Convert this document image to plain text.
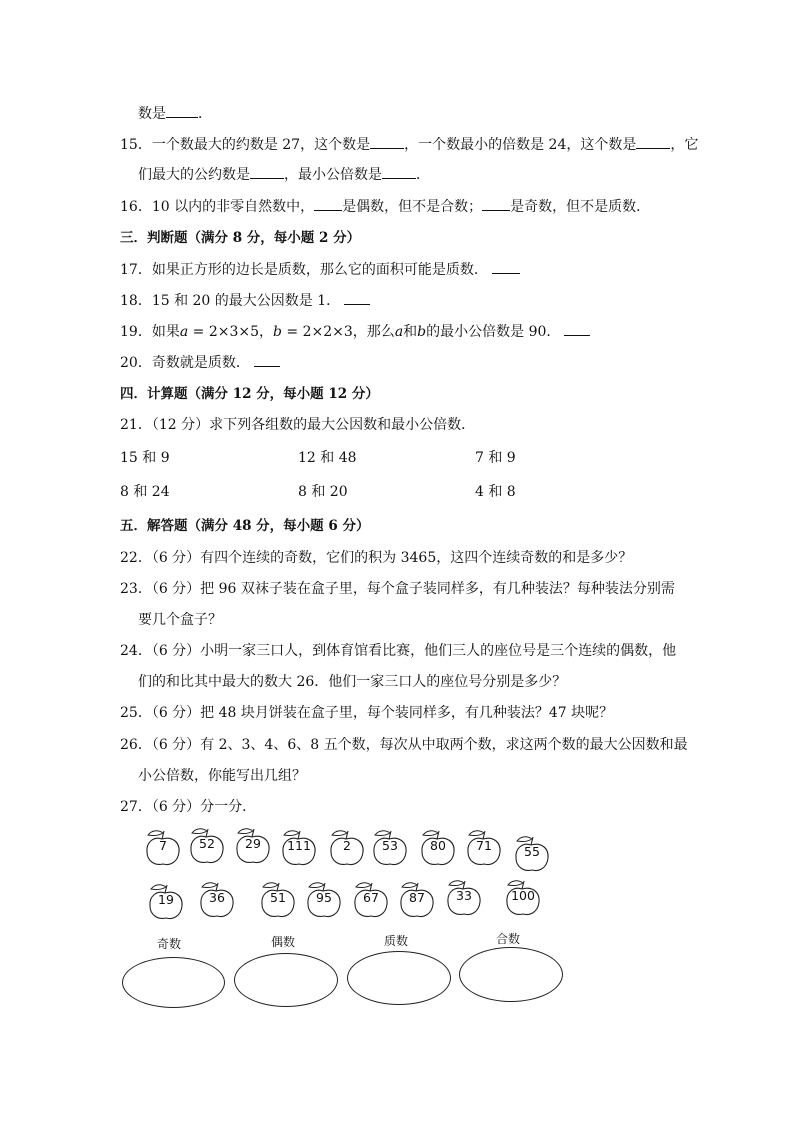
数是 ．
15．一个数最大的约数是 27，这个数是 ，一个数最小的倍数是 24，这个数是 ，它
们最大的公约数是 ，最小公倍数是 ．
16．10 以内的非零自然数中， 是偶数，但不是合数； 是奇数，但不是质数．
三．判断题（满分 8 分，每小题 2 分）
17．如果正方形的边长是质数，那么它的面积可能是质数．
18．15 和 20 的最大公因数是 1．
19．如果a = 2×3×5，b = 2×2×3，那么a和b的最小公倍数是 90．
20．奇数就是质数．
四．计算题（满分 12 分，每小题 12 分）
21．（12 分）求下列各组数的最大公因数和最小公倍数．
15 和 9	12 和 48	7 和 9
8 和 24	8 和 20	4 和 8
五．解答题（满分 48 分，每小题 6 分）
22．（6 分）有四个连续的奇数，它们的积为 3465，这四个连续奇数的和是多少？
23．（6 分）把 96 双袜子装在盒子里，每个盒子装同样多，有几种装法？每种装法分别需
要几个盒子？
24．（6 分）小明一家三口人，到体育馆看比赛，他们三人的座位号是三个连续的偶数，他
们的和比其中最大的数大 26．他们一家三口人的座位号分别是多少？
25．（6 分）把 48 块月饼装在盒子里，每个装同样多，有几种装法？47 块呢？
26．（6 分）有 2、3、4、6、8 五个数，每次从中取两个数，求这两个数的最大公因数和最
小公倍数，你能写出几组？
27．（6 分）分一分．
7	52	29	111	2	53	80	71	55
19	36	51	95	67	87	33	100
奇数	偶数	质数	合数
